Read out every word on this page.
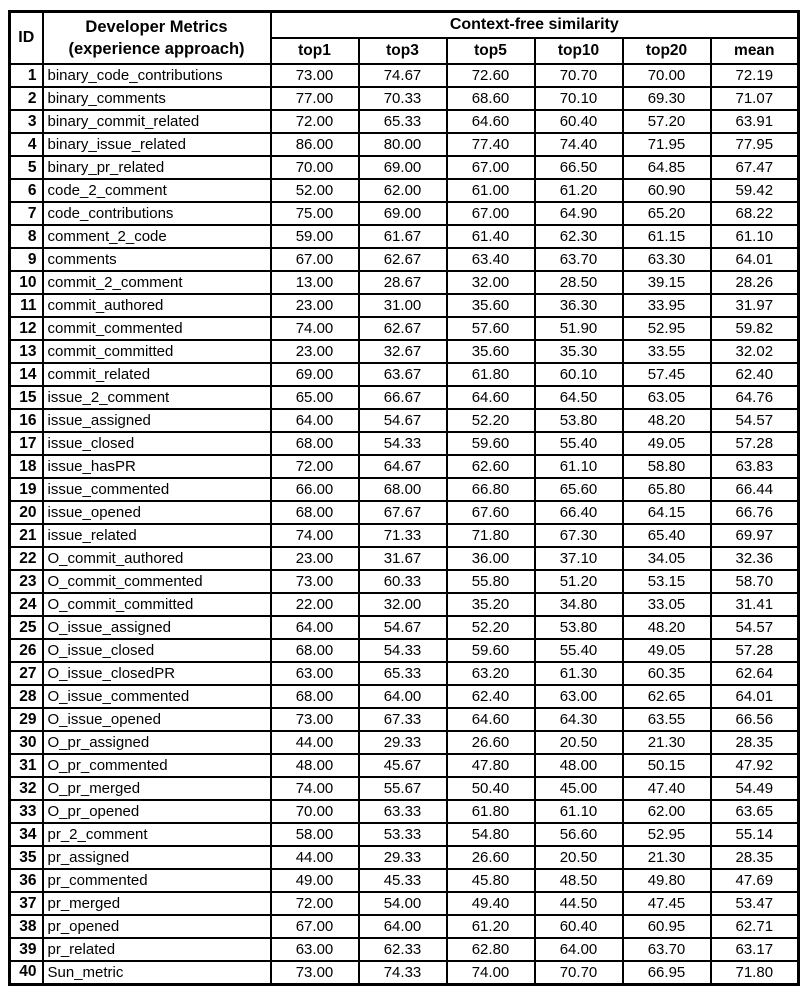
ID	Developer Metrics
(experience approach)	Context-free similarity					
		top1	top3	top5	top10	top20	mean
1	binary_code_contributions	73.00	74.67	72.60	70.70	70.00	72.19
2	binary_comments	77.00	70.33	68.60	70.10	69.30	71.07
3	binary_commit_related	72.00	65.33	64.60	60.40	57.20	63.91
4	binary_issue_related	86.00	80.00	77.40	74.40	71.95	77.95
5	binary_pr_related	70.00	69.00	67.00	66.50	64.85	67.47
6	code_2_comment	52.00	62.00	61.00	61.20	60.90	59.42
7	code_contributions	75.00	69.00	67.00	64.90	65.20	68.22
8	comment_2_code	59.00	61.67	61.40	62.30	61.15	61.10
9	comments	67.00	62.67	63.40	63.70	63.30	64.01
10	commit_2_comment	13.00	28.67	32.00	28.50	39.15	28.26
11	commit_authored	23.00	31.00	35.60	36.30	33.95	31.97
12	commit_commented	74.00	62.67	57.60	51.90	52.95	59.82
13	commit_committed	23.00	32.67	35.60	35.30	33.55	32.02
14	commit_related	69.00	63.67	61.80	60.10	57.45	62.40
15	issue_2_comment	65.00	66.67	64.60	64.50	63.05	64.76
16	issue_assigned	64.00	54.67	52.20	53.80	48.20	54.57
17	issue_closed	68.00	54.33	59.60	55.40	49.05	57.28
18	issue_hasPR	72.00	64.67	62.60	61.10	58.80	63.83
19	issue_commented	66.00	68.00	66.80	65.60	65.80	66.44
20	issue_opened	68.00	67.67	67.60	66.40	64.15	66.76
21	issue_related	74.00	71.33	71.80	67.30	65.40	69.97
22	O_commit_authored	23.00	31.67	36.00	37.10	34.05	32.36
23	O_commit_commented	73.00	60.33	55.80	51.20	53.15	58.70
24	O_commit_committed	22.00	32.00	35.20	34.80	33.05	31.41
25	O_issue_assigned	64.00	54.67	52.20	53.80	48.20	54.57
26	O_issue_closed	68.00	54.33	59.60	55.40	49.05	57.28
27	O_issue_closedPR	63.00	65.33	63.20	61.30	60.35	62.64
28	O_issue_commented	68.00	64.00	62.40	63.00	62.65	64.01
29	O_issue_opened	73.00	67.33	64.60	64.30	63.55	66.56
30	O_pr_assigned	44.00	29.33	26.60	20.50	21.30	28.35
31	O_pr_commented	48.00	45.67	47.80	48.00	50.15	47.92
32	O_pr_merged	74.00	55.67	50.40	45.00	47.40	54.49
33	O_pr_opened	70.00	63.33	61.80	61.10	62.00	63.65
34	pr_2_comment	58.00	53.33	54.80	56.60	52.95	55.14
35	pr_assigned	44.00	29.33	26.60	20.50	21.30	28.35
36	pr_commented	49.00	45.33	45.80	48.50	49.80	47.69
37	pr_merged	72.00	54.00	49.40	44.50	47.45	53.47
38	pr_opened	67.00	64.00	61.20	60.40	60.95	62.71
39	pr_related	63.00	62.33	62.80	64.00	63.70	63.17
40	Sun_metric	73.00	74.33	74.00	70.70	66.95	71.80
